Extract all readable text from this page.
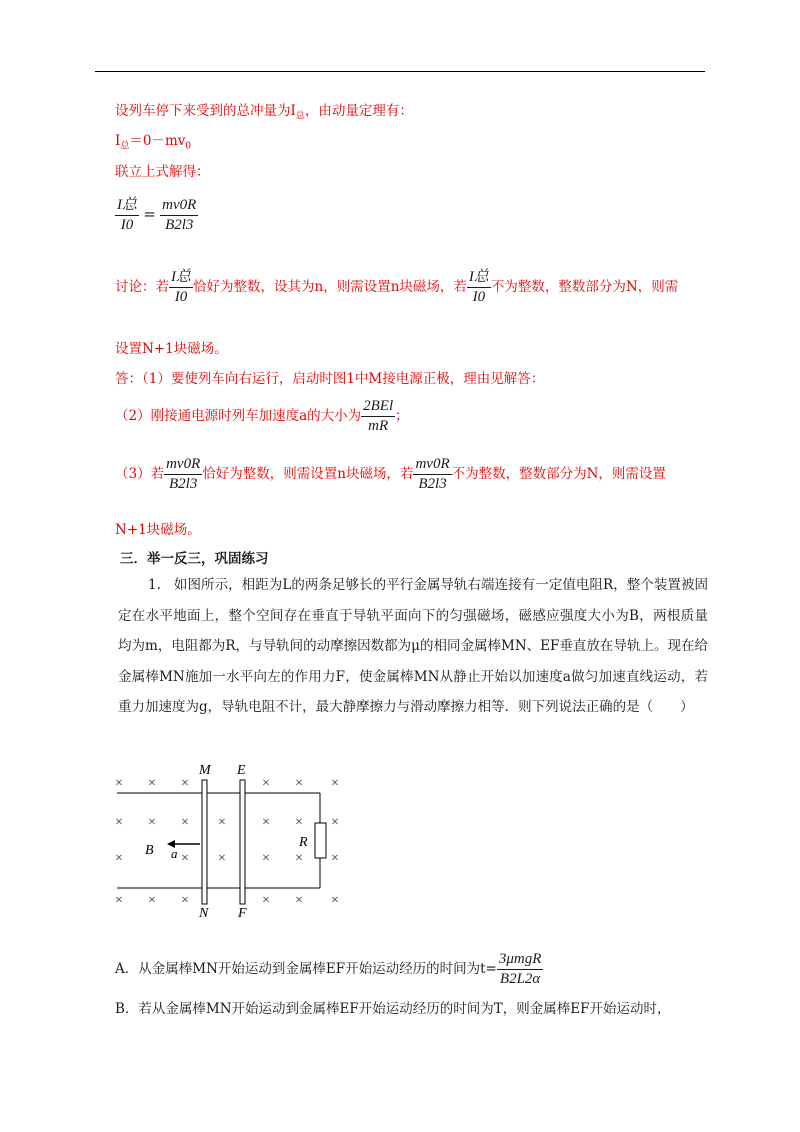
设列车停下来受到的总冲量为$I_总$，由动量定理有：
$I_总=0-mv_0$
联立上式解得：
$\frac{\text{I总}}{I0} = \frac{mv0R}{B2l3}$
讨论：若 $\frac{\text{I总}}{I0}$ 恰好为整数，设其为n，则需设置n块磁场，若 $\frac{\text{I总}}{I0}$ 不为整数，整数部分为N，则需
设置N+1块磁场。
答：（1）要使列车向右运行，启动时图1中M接电源正极，理由见解答：
（2）刚接通电源时列车加速度a的大小为 $\frac{\text{2BEl}}{mR}$ ；
（3）若 $\frac{mv0R}{B2l3}$ 恰好为整数，则需设置n块磁场，若 $\frac{mv0R}{B2l3}$ 不为整数，整数部分为N，则需设置
N+1块磁场。
三．举一反三，巩固练习
1. 如图所示，相距为L的两条足够长的平行金属导轨右端连接有一定值电阻R，整个装置被固定在水平地面上，整个空间存在垂直于导轨平面向下的匀强磁场，磁感应强度大小为B，两根质量均为m，电阻都为R，与导轨间的动摩擦因数都为μ的相同金属棒MN、EF垂直放在导轨上。现在给金属棒MN施加一水平向左的作用力F，使金属棒MN从静止开始以加速度a做匀加速直线运动，若重力加速度为g，导轨电阻不计，最大静摩擦力与滑动摩擦力相等．则下列说法正确的是（　　）
× × ×	× × ×
× × × ×	× × ×
×	× ×	× × ×
× × ×	× × ×
M E
N F
R
B a
A．从金属棒MN开始运动到金属棒EF开始运动经历的时间为$t= \frac{\text{3μmgR}}{B2L2\alpha}$
B．若从金属棒MN开始运动到金属棒EF开始运动经历的时间为T，则金属棒EF开始运动时，
